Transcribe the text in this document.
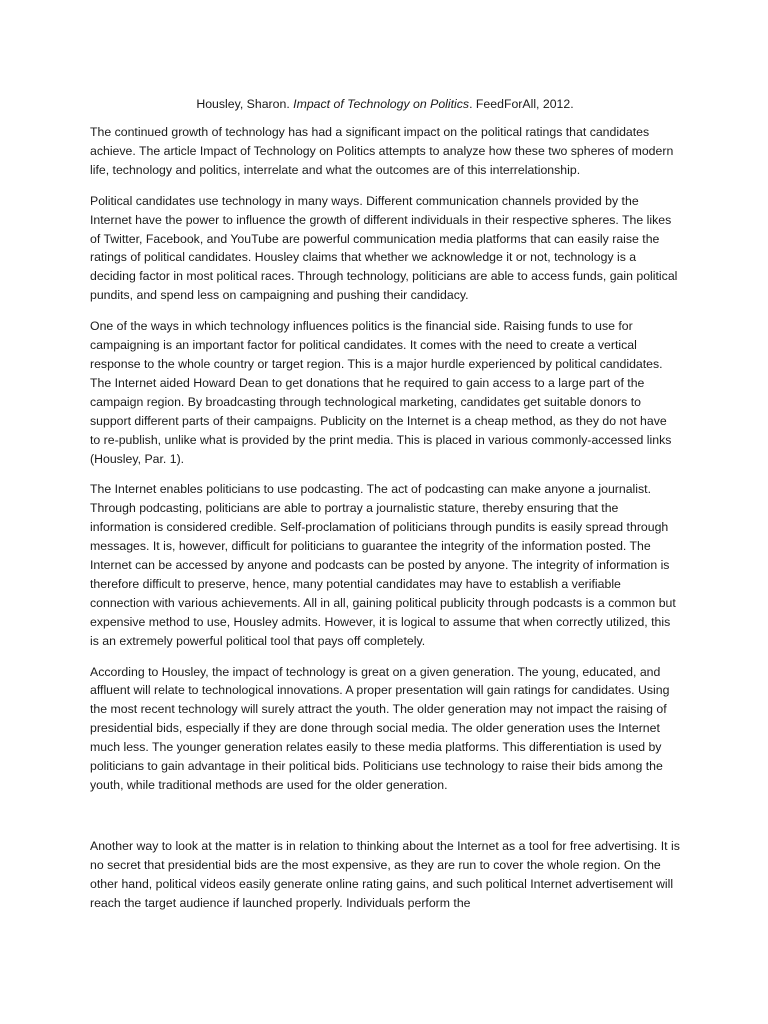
Housley, Sharon. Impact of Technology on Politics. FeedForAll, 2012.

The continued growth of technology has had a significant impact on the political ratings that candidates achieve. The article Impact of Technology on Politics attempts to analyze how these two spheres of modern life, technology and politics, interrelate and what the outcomes are of this interrelationship.

Political candidates use technology in many ways. Different communication channels provided by the Internet have the power to influence the growth of different individuals in their respective spheres. The likes of Twitter, Facebook, and YouTube are powerful communication media platforms that can easily raise the ratings of political candidates. Housley claims that whether we acknowledge it or not, technology is a deciding factor in most political races. Through technology, politicians are able to access funds, gain political pundits, and spend less on campaigning and pushing their candidacy.

One of the ways in which technology influences politics is the financial side. Raising funds to use for campaigning is an important factor for political candidates. It comes with the need to create a vertical response to the whole country or target region. This is a major hurdle experienced by political candidates. The Internet aided Howard Dean to get donations that he required to gain access to a large part of the campaign region. By broadcasting through technological marketing, candidates get suitable donors to support different parts of their campaigns. Publicity on the Internet is a cheap method, as they do not have to re-publish, unlike what is provided by the print media. This is placed in various commonly-accessed links (Housley, Par. 1).

The Internet enables politicians to use podcasting. The act of podcasting can make anyone a journalist. Through podcasting, politicians are able to portray a journalistic stature, thereby ensuring that the information is considered credible. Self-proclamation of politicians through pundits is easily spread through messages. It is, however, difficult for politicians to guarantee the integrity of the information posted. The Internet can be accessed by anyone and podcasts can be posted by anyone. The integrity of information is therefore difficult to preserve, hence, many potential candidates may have to establish a verifiable connection with various achievements. All in all, gaining political publicity through podcasts is a common but expensive method to use, Housley admits. However, it is logical to assume that when correctly utilized, this is an extremely powerful political tool that pays off completely.

According to Housley, the impact of technology is great on a given generation. The young, educated, and affluent will relate to technological innovations. A proper presentation will gain ratings for candidates. Using the most recent technology will surely attract the youth. The older generation may not impact the raising of presidential bids, especially if they are done through social media. The older generation uses the Internet much less. The younger generation relates easily to these media platforms. This differentiation is used by politicians to gain advantage in their political bids. Politicians use technology to raise their bids among the youth, while traditional methods are used for the older generation.

Another way to look at the matter is in relation to thinking about the Internet as a tool for free advertising. It is no secret that presidential bids are the most expensive, as they are run to cover the whole region. On the other hand, political videos easily generate online rating gains, and such political Internet advertisement will reach the target audience if launched properly. Individuals perform the
